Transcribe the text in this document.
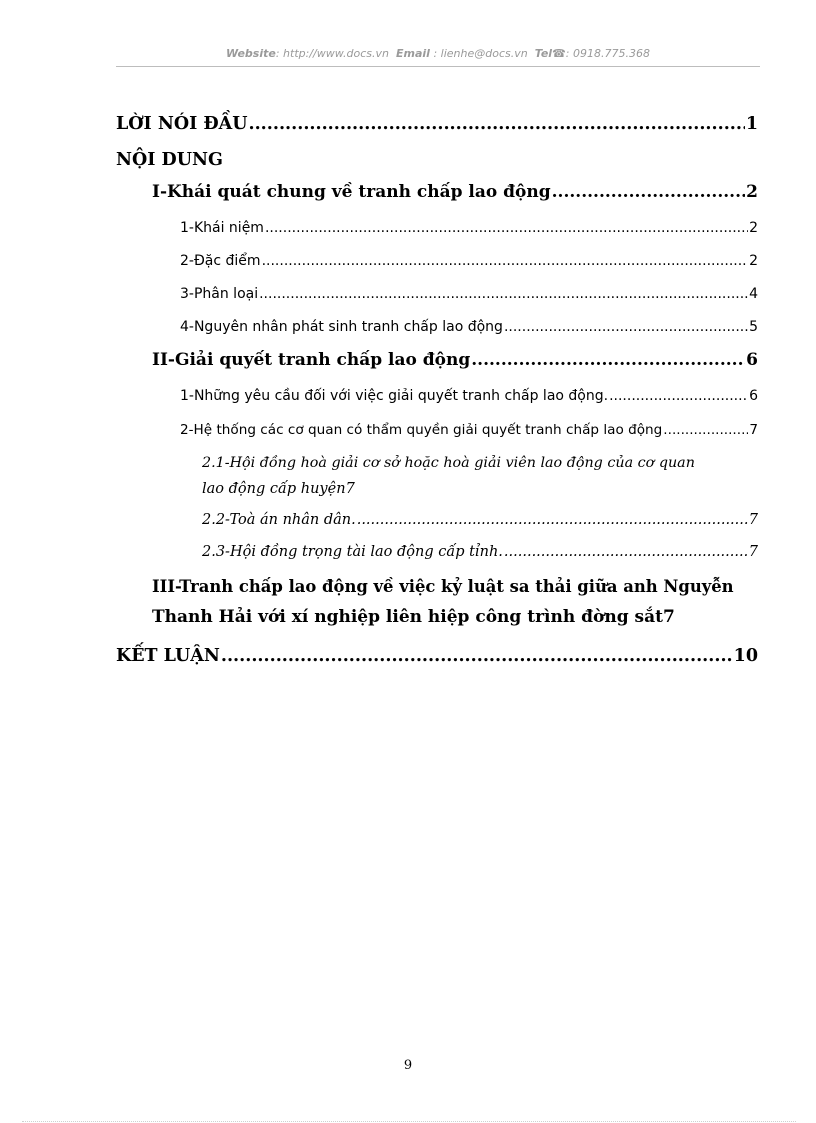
Website: http://www.docs.vn Email : lienhe@docs.vn Tel☎: 0918.775.368
LỜI NÓI ĐẦU .....	1
NỘI DUNG
I-Khái quát chung về tranh chấp lao động .....	2
1-Khái niệm .....	2
2-Đặc điểm .....	2
3-Phân loại .....	4
4-Nguyên nhân phát sinh tranh chấp lao động .....	5
II-Giải quyết tranh chấp lao động .....	6
1-Những yêu cầu đối với việc giải quyết tranh chấp lao động. .....	6
2-Hệ thống các cơ quan có thẩm quyền giải quyết tranh chấp lao động .....	7
2.1-Hội đồng hoà giải cơ sở hoặc hoà giải viên lao động của cơ quan
lao động cấp huyện 7
2.2-Toà án nhân dân. .....	7
2.3-Hội đồng trọng tài lao động cấp tỉnh. .....	7
III-Tranh chấp lao động về việc kỷ luật sa thải giữa anh Nguyễn
Thanh Hải với xí nghiệp liên hiệp công trình đờng sắt 7
KẾT LUẬN .....	10
9
